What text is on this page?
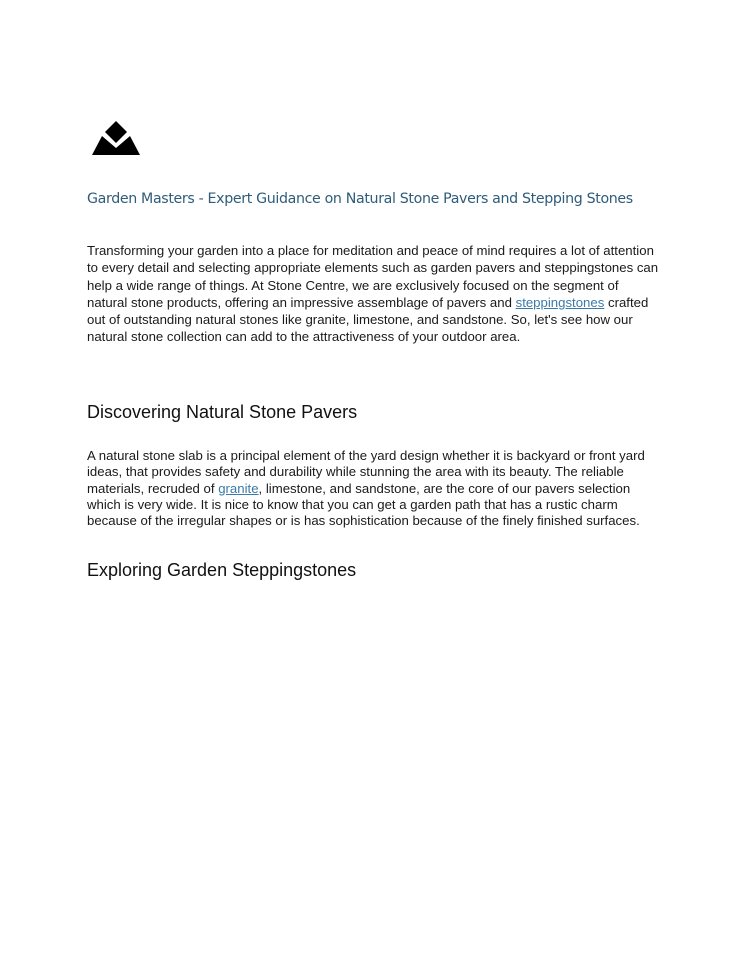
Garden Masters - Expert Guidance on Natural Stone Pavers and Stepping Stones

Transforming your garden into a place for meditation and peace of mind requires a lot of attention to every detail and selecting appropriate elements such as garden pavers and steppingstones can help a wide range of things. At Stone Centre, we are exclusively focused on the segment of natural stone products, offering an impressive assemblage of pavers and steppingstones crafted out of outstanding natural stones like granite, limestone, and sandstone. So, let's see how our natural stone collection can add to the attractiveness of your outdoor area.

Discovering Natural Stone Pavers

A natural stone slab is a principal element of the yard design whether it is backyard or front yard ideas, that provides safety and durability while stunning the area with its beauty. The reliable materials, recruded of granite, limestone, and sandstone, are the core of our pavers selection which is very wide. It is nice to know that you can get a garden path that has a rustic charm because of the irregular shapes or is has sophistication because of the finely finished surfaces.

Exploring Garden Steppingstones
